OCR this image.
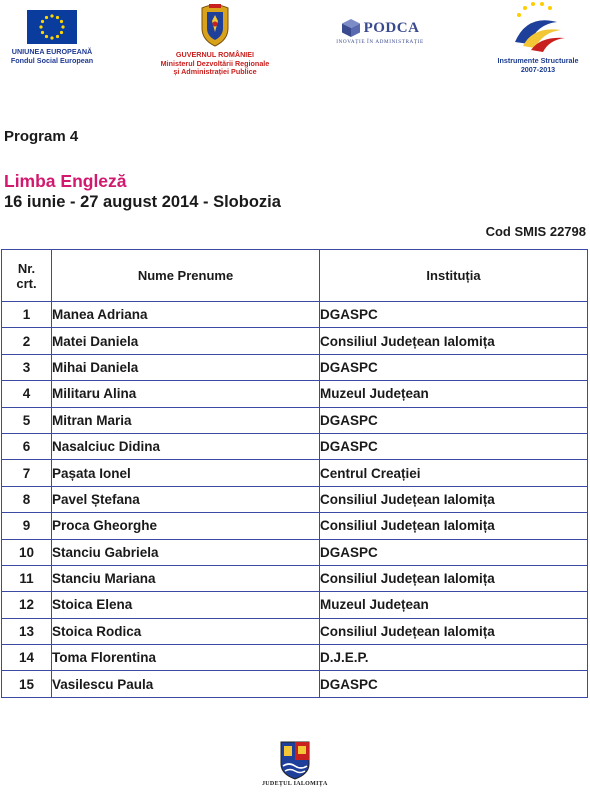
UNIUNEA EUROPEANĂ
Fondul Social European
GUVERNUL ROMÂNIEI
Ministerul Dezvoltării Regionale
și Administrației Publice
PODCA
INOVAȚIE ÎN ADMINISTRAȚIE
Instrumente Structurale
2007-2013
Program 4
Limba Engleză
16 iunie - 27 august 2014 - Slobozia
Cod SMIS 22798
Nr.
crt.	Nume Prenume	Instituția
1	Manea Adriana	DGASPC
2	Matei Daniela	Consiliul Județean Ialomița
3	Mihai Daniela	DGASPC
4	Militaru Alina	Muzeul Județean
5	Mitran Maria	DGASPC
6	Nasalciuc Didina	DGASPC
7	Pașata Ionel	Centrul Creației
8	Pavel Ștefana	Consiliul Județean Ialomița
9	Proca Gheorghe	Consiliul Județean Ialomița
10	Stanciu Gabriela	DGASPC
11	Stanciu Mariana	Consiliul Județean Ialomița
12	Stoica Elena	Muzeul Județean
13	Stoica Rodica	Consiliul Județean Ialomița
14	Toma Florentina	D.J.E.P.
15	Vasilescu Paula	DGASPC
JUDEȚUL IALOMIȚA
